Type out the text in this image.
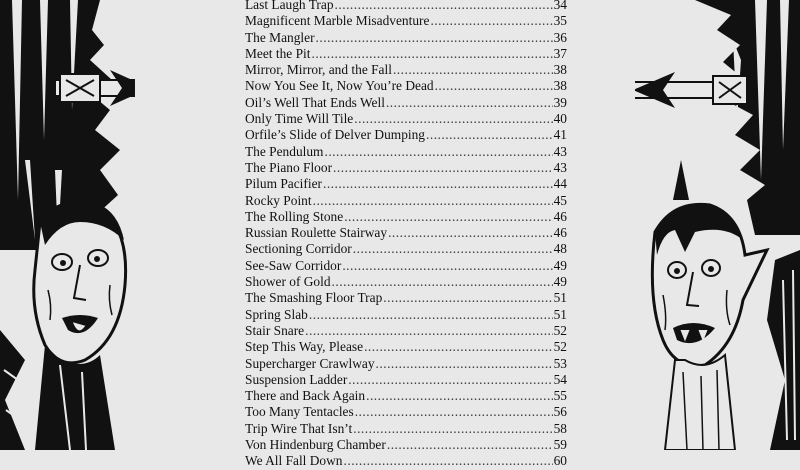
Last Laugh Trap .....	34
Magnificent Marble Misadventure .....	35
The Mangler .....	36
Meet the Pit .....	37
Mirror, Mirror, and the Fall .....	38
Now You See It, Now You’re Dead .....	38
Oil’s Well That Ends Well .....	39
Only Time Will Tile .....	40
Orfile’s Slide of Delver Dumping .....	41
The Pendulum .....	43
The Piano Floor .....	43
Pilum Pacifier .....	44
Rocky Point .....	45
The Rolling Stone .....	46
Russian Roulette Stairway .....	46
Sectioning Corridor .....	48
See-Saw Corridor .....	49
Shower of Gold .....	49
The Smashing Floor Trap .....	51
Spring Slab .....	51
Stair Snare .....	52
Step This Way, Please .....	52
Supercharger Crawlway .....	53
Suspension Ladder .....	54
There and Back Again .....	55
Too Many Tentacles .....	56
Trip Wire That Isn’t .....	58
Von Hindenburg Chamber .....	59
We All Fall Down .....	60
